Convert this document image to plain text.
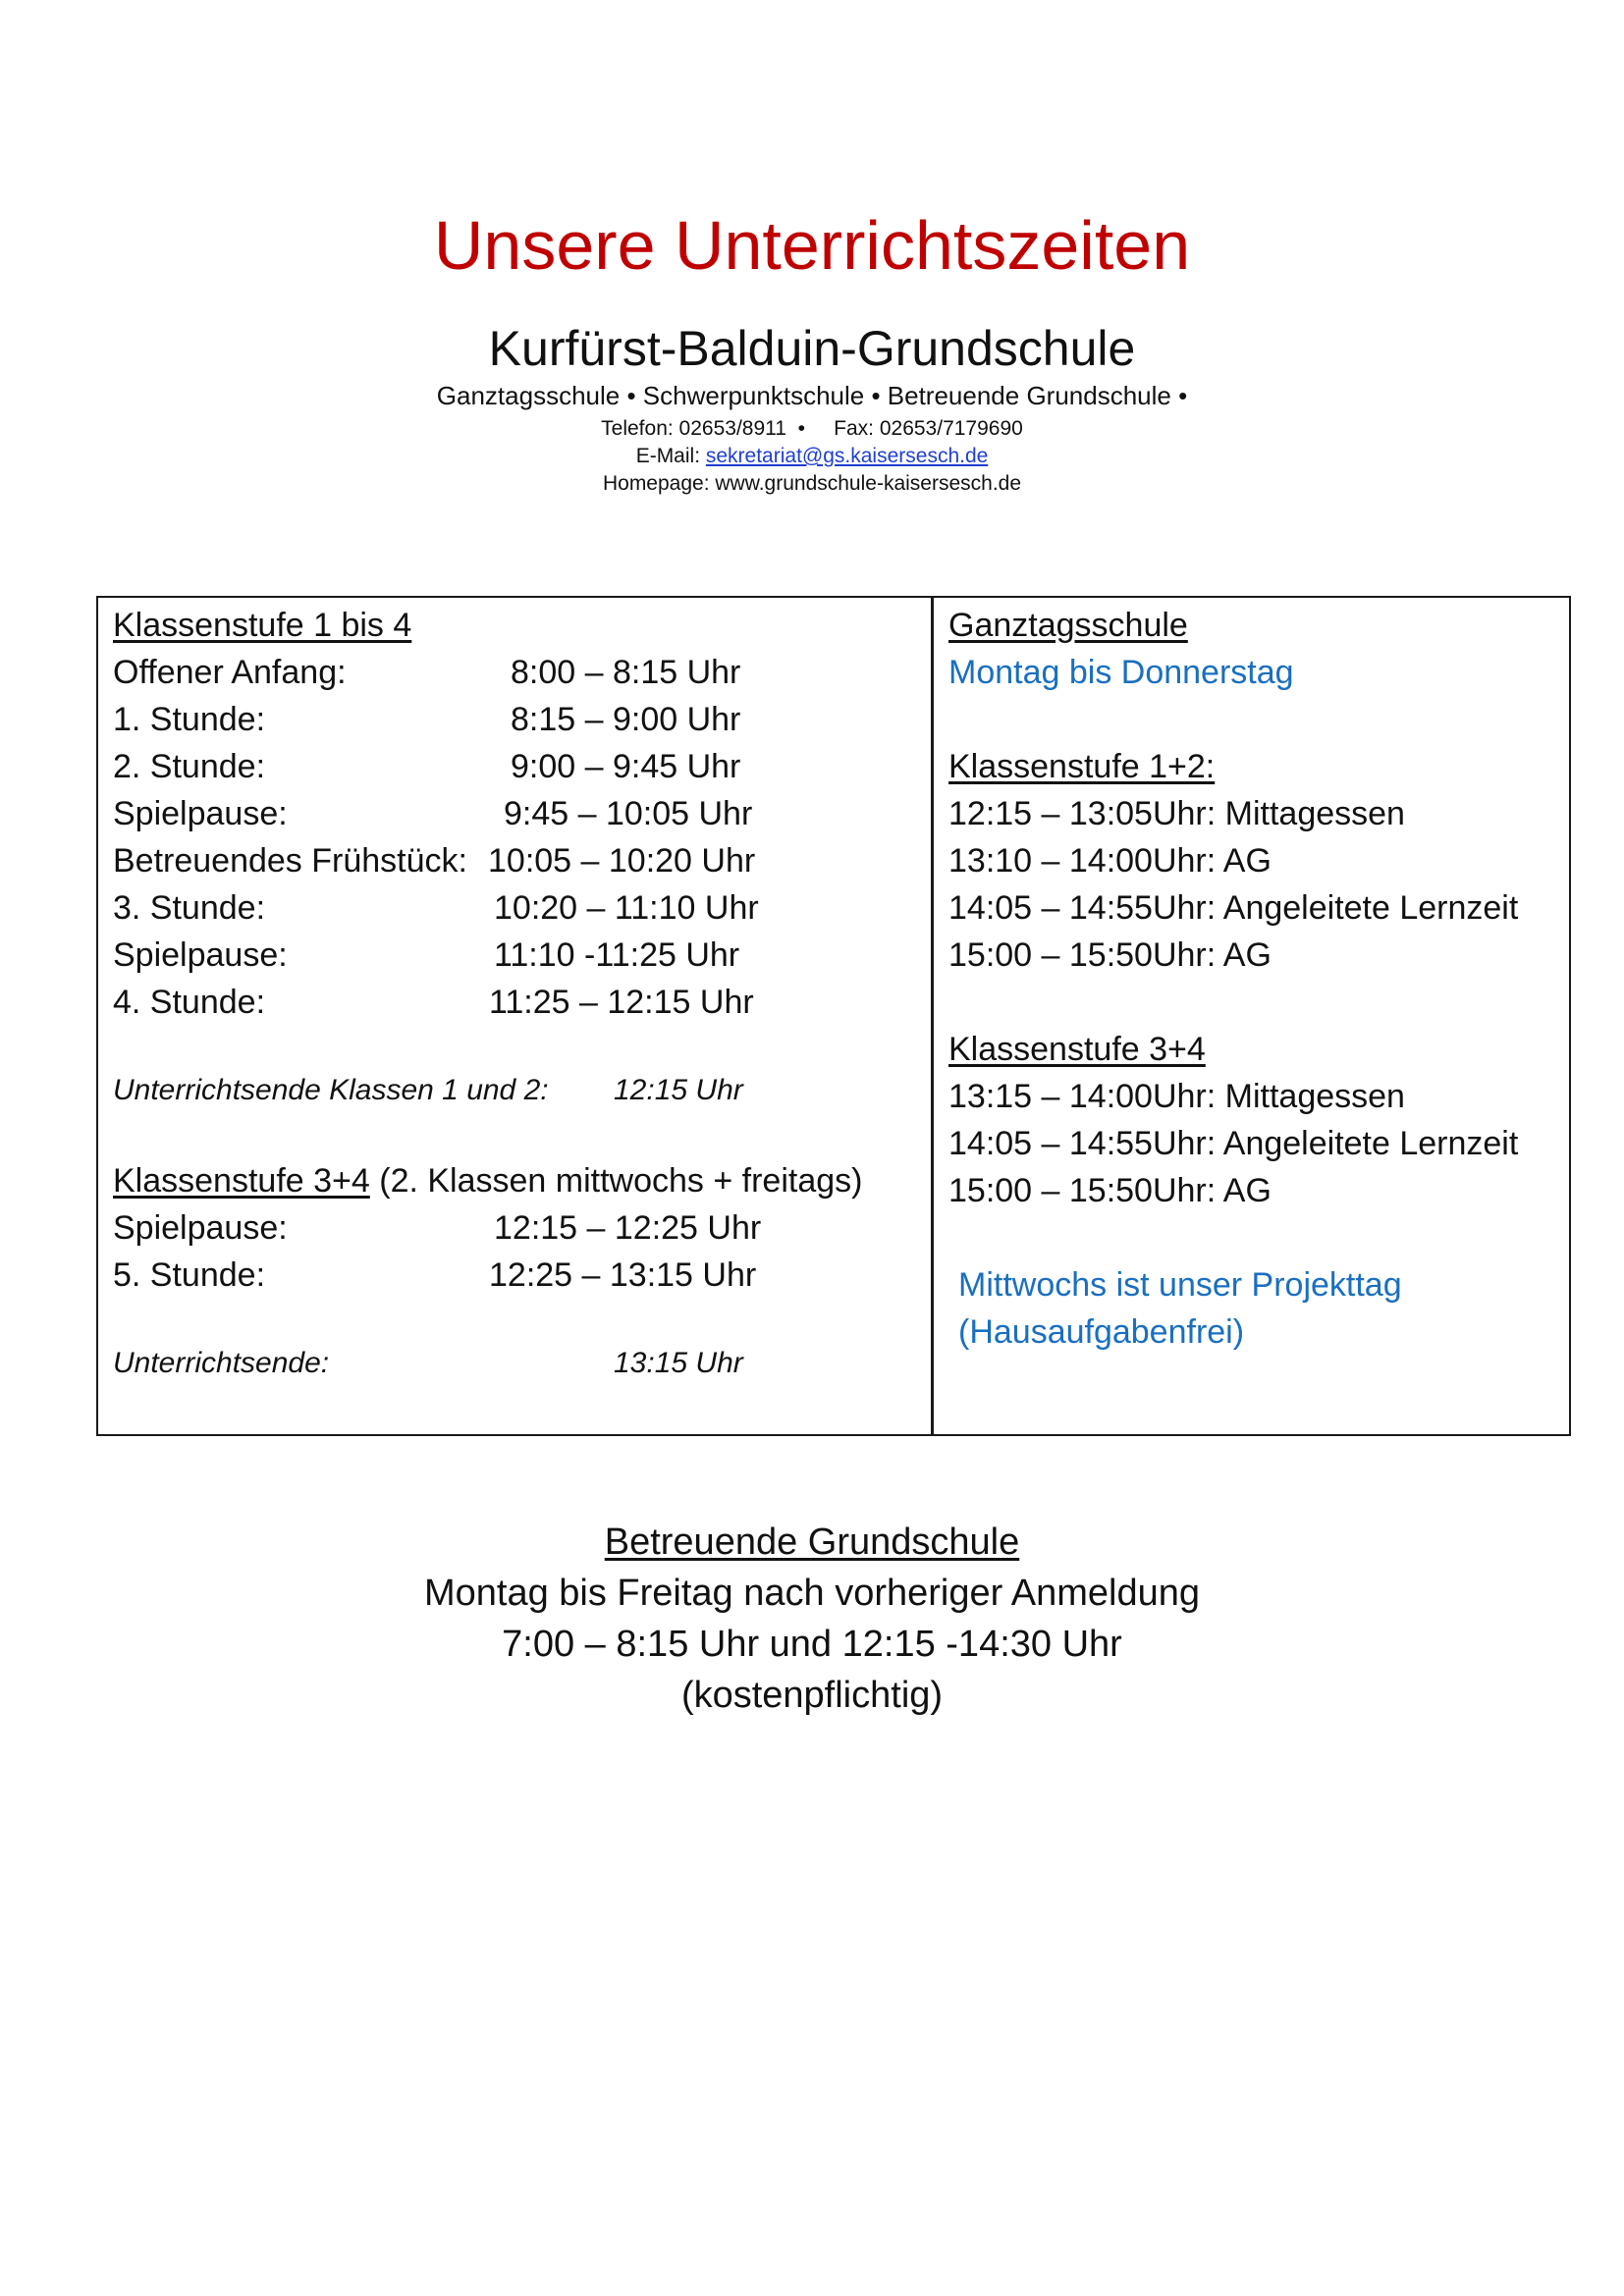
Unsere Unterrichtszeiten
Kurfürst-Balduin-Grundschule
Ganztagsschule • Schwerpunktschule • Betreuende Grundschule •
Telefon: 02653/8911  •     Fax: 02653/7179690
E-Mail: sekretariat@gs.kaisersesch.de
Homepage: www.grundschule-kaisersesch.de
Klassenstufe 1 bis 4
Offener Anfang:	8:00 – 8:15 Uhr
1. Stunde:	8:15 – 9:00 Uhr
2. Stunde:	9:00 – 9:45 Uhr
Spielpause:	9:45 – 10:05 Uhr
Betreuendes Frühstück: 10:05 – 10:20 Uhr
3. Stunde:	10:20 – 11:10 Uhr
Spielpause:	11:10 -11:25 Uhr
4. Stunde:	11:25 – 12:15 Uhr
Unterrichtsende Klassen 1 und 2: 12:15 Uhr
Klassenstufe 3+4 (2. Klassen mittwochs + freitags)
Spielpause:	12:15 – 12:25 Uhr
5. Stunde:	12:25 – 13:15 Uhr
Unterrichtsende:	13:15 Uhr
Ganztagsschule
Montag bis Donnerstag
Klassenstufe 1+2:
12:15 – 13:05Uhr: Mittagessen
13:10 – 14:00Uhr: AG
14:05 – 14:55Uhr: Angeleitete Lernzeit
15:00 – 15:50Uhr: AG
Klassenstufe 3+4
13:15 – 14:00Uhr: Mittagessen
14:05 – 14:55Uhr: Angeleitete Lernzeit
15:00 – 15:50Uhr: AG
Mittwochs ist unser Projekttag
(Hausaufgabenfrei)
Betreuende Grundschule
Montag bis Freitag nach vorheriger Anmeldung
7:00 – 8:15 Uhr und 12:15 -14:30 Uhr
(kostenpflichtig)
